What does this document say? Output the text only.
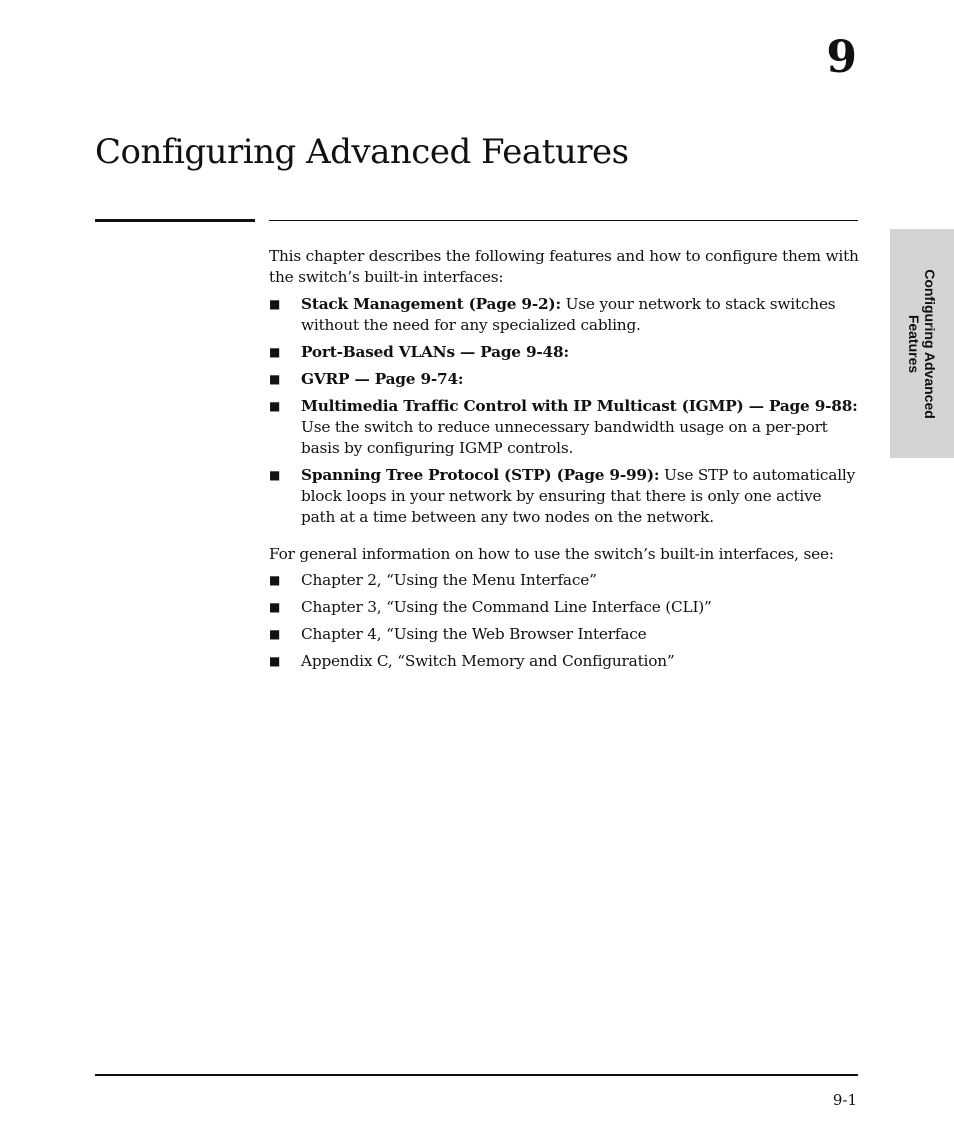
9
Configuring Advanced Features
Configuring Advanced Features

This chapter describes the following features and how to configure them with the switch’s built-in interfaces:

■ Stack Management (Page 9-2): Use your network to stack switches without the need for any specialized cabling.
■ Port-Based VLANs — Page 9-48:
■ GVRP — Page 9-74:
■ Multimedia Traffic Control with IP Multicast (IGMP) — Page 9-88: Use the switch to reduce unnecessary bandwidth usage on a per-port basis by configuring IGMP controls.
■ Spanning Tree Protocol (STP) (Page 9-99): Use STP to automatically block loops in your network by ensuring that there is only one active path at a time between any two nodes on the network.

For general information on how to use the switch’s built-in interfaces, see:

■ Chapter 2, “Using the Menu Interface”
■ Chapter 3, “Using the Command Line Interface (CLI)”
■ Chapter 4, “Using the Web Browser Interface
■ Appendix C, “Switch Memory and Configuration”
9-1
